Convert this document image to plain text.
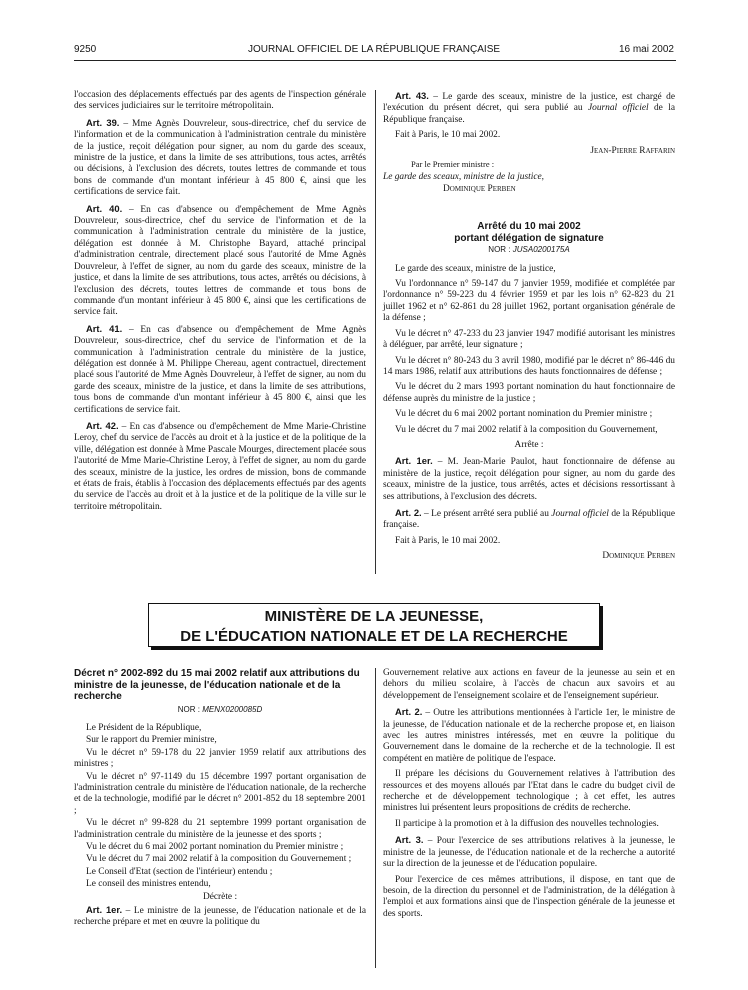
9250	JOURNAL OFFICIEL DE LA RÉPUBLIQUE FRANÇAISE	16 mai 2002

l'occasion des déplacements effectués par des agents de l'inspection générale des services judiciaires sur le territoire métropolitain.

Art. 39. – Mme Agnès Douvreleur, sous-directrice, chef du service de l'information et de la communication à l'administration centrale du ministère de la justice, reçoit délégation pour signer, au nom du garde des sceaux, ministre de la justice, et dans la limite de ses attributions, tous actes, arrêtés ou décisions, à l'exclusion des décrets, toutes lettres de commande et tous bons de commande d'un montant inférieur à 45 800 €, ainsi que les certifications de service fait.

Art. 40. – En cas d'absence ou d'empêchement de Mme Agnès Douvreleur, sous-directrice, chef du service de l'information et de la communication à l'administration centrale du ministère de la justice, délégation est donnée à M. Christophe Bayard, attaché principal d'administration centrale, directement placé sous l'autorité de Mme Agnès Douvreleur, à l'effet de signer, au nom du garde des sceaux, ministre de la justice, et dans la limite de ses attributions, tous actes, arrêtés ou décisions, à l'exclusion des décrets, toutes lettres de commande et tous bons de commande d'un montant inférieur à 45 800 €, ainsi que les certifications de service fait.

Art. 41. – En cas d'absence ou d'empêchement de Mme Agnès Douvreleur, sous-directrice, chef du service de l'information et de la communication à l'administration centrale du ministère de la justice, délégation est donnée à M. Philippe Chereau, agent contractuel, directement placé sous l'autorité de Mme Agnès Douvreleur, à l'effet de signer, au nom du garde des sceaux, ministre de la justice, et dans la limite de ses attributions, tous bons de commande d'un montant inférieur à 45 800 €, ainsi que les certifications de service fait.

Art. 42. – En cas d'absence ou d'empêchement de Mme Marie-Christine Leroy, chef du service de l'accès au droit et à la justice et de la politique de la ville, délégation est donnée à Mme Pascale Mourges, directement placée sous l'autorité de Mme Marie-Christine Leroy, à l'effet de signer, au nom du garde des sceaux, ministre de la justice, les ordres de mission, bons de commande et états de frais, établis à l'occasion des déplacements effectués par des agents du service de l'accès au droit et à la justice et de la politique de la ville sur le territoire métropolitain.

Art. 43. – Le garde des sceaux, ministre de la justice, est chargé de l'exécution du présent décret, qui sera publié au Journal officiel de la République française.

Fait à Paris, le 10 mai 2002.

Jean-Pierre Raffarin

Par le Premier ministre :

Le garde des sceaux, ministre de la justice,

Dominique Perben

Arrêté du 10 mai 2002
portant délégation de signature
NOR : JUSA0200175A

Le garde des sceaux, ministre de la justice,

Vu l'ordonnance n° 59-147 du 7 janvier 1959, modifiée et complétée par l'ordonnance n° 59-223 du 4 février 1959 et par les lois n° 62-823 du 21 juillet 1962 et n° 62-861 du 28 juillet 1962, portant organisation générale de la défense ;

Vu le décret n° 47-233 du 23 janvier 1947 modifié autorisant les ministres à déléguer, par arrêté, leur signature ;

Vu le décret n° 80-243 du 3 avril 1980, modifié par le décret n° 86-446 du 14 mars 1986, relatif aux attributions des hauts fonctionnaires de défense ;

Vu le décret du 2 mars 1993 portant nomination du haut fonctionnaire de défense auprès du ministre de la justice ;

Vu le décret du 6 mai 2002 portant nomination du Premier ministre ;

Vu le décret du 7 mai 2002 relatif à la composition du Gouvernement,

Arrête :

Art. 1er. – M. Jean-Marie Paulot, haut fonctionnaire de défense au ministère de la justice, reçoit délégation pour signer, au nom du garde des sceaux, ministre de la justice, tous arrêtés, actes et décisions ressortissant à ses attributions, à l'exclusion des décrets.

Art. 2. – Le présent arrêté sera publié au Journal officiel de la République française.

Fait à Paris, le 10 mai 2002.

Dominique Perben

MINISTÈRE DE LA JEUNESSE,
DE L'ÉDUCATION NATIONALE ET DE LA RECHERCHE
Décret n° 2002-892 du 15 mai 2002 relatif aux attributions du ministre de la jeunesse, de l'éducation nationale et de la recherche
NOR : MENX0200085D

Le Président de la République,

Sur le rapport du Premier ministre,

Vu le décret n° 59-178 du 22 janvier 1959 relatif aux attributions des ministres ;

Vu le décret n° 97-1149 du 15 décembre 1997 portant organisation de l'administration centrale du ministère de l'éducation nationale, de la recherche et de la technologie, modifié par le décret n° 2001-852 du 18 septembre 2001 ;

Vu le décret n° 99-828 du 21 septembre 1999 portant organisation de l'administration centrale du ministère de la jeunesse et des sports ;

Vu le décret du 6 mai 2002 portant nomination du Premier ministre ;

Vu le décret du 7 mai 2002 relatif à la composition du Gouvernement ;

Le Conseil d'Etat (section de l'intérieur) entendu ;

Le conseil des ministres entendu,

Décrète :

Art. 1er. – Le ministre de la jeunesse, de l'éducation nationale et de la recherche prépare et met en œuvre la politique du

Gouvernement relative aux actions en faveur de la jeunesse au sein et en dehors du milieu scolaire, à l'accès de chacun aux savoirs et au développement de l'enseignement scolaire et de l'enseignement supérieur.

Art. 2. – Outre les attributions mentionnées à l'article 1er, le ministre de la jeunesse, de l'éducation nationale et de la recherche propose et, en liaison avec les autres ministres intéressés, met en œuvre la politique du Gouvernement dans le domaine de la recherche et de la technologie. Il est compétent en matière de politique de l'espace.

Il prépare les décisions du Gouvernement relatives à l'attribution des ressources et des moyens alloués par l'Etat dans le cadre du budget civil de recherche et de développement technologique ; à cet effet, les autres ministres lui présentent leurs propositions de crédits de recherche.

Il participe à la promotion et à la diffusion des nouvelles technologies.

Art. 3. – Pour l'exercice de ses attributions relatives à la jeunesse, le ministre de la jeunesse, de l'éducation nationale et de la recherche a autorité sur la direction de la jeunesse et de l'éducation populaire.

Pour l'exercice de ces mêmes attributions, il dispose, en tant que de besoin, de la direction du personnel et de l'administration, de la délégation à l'emploi et aux formations ainsi que de l'inspection générale de la jeunesse et des sports.
